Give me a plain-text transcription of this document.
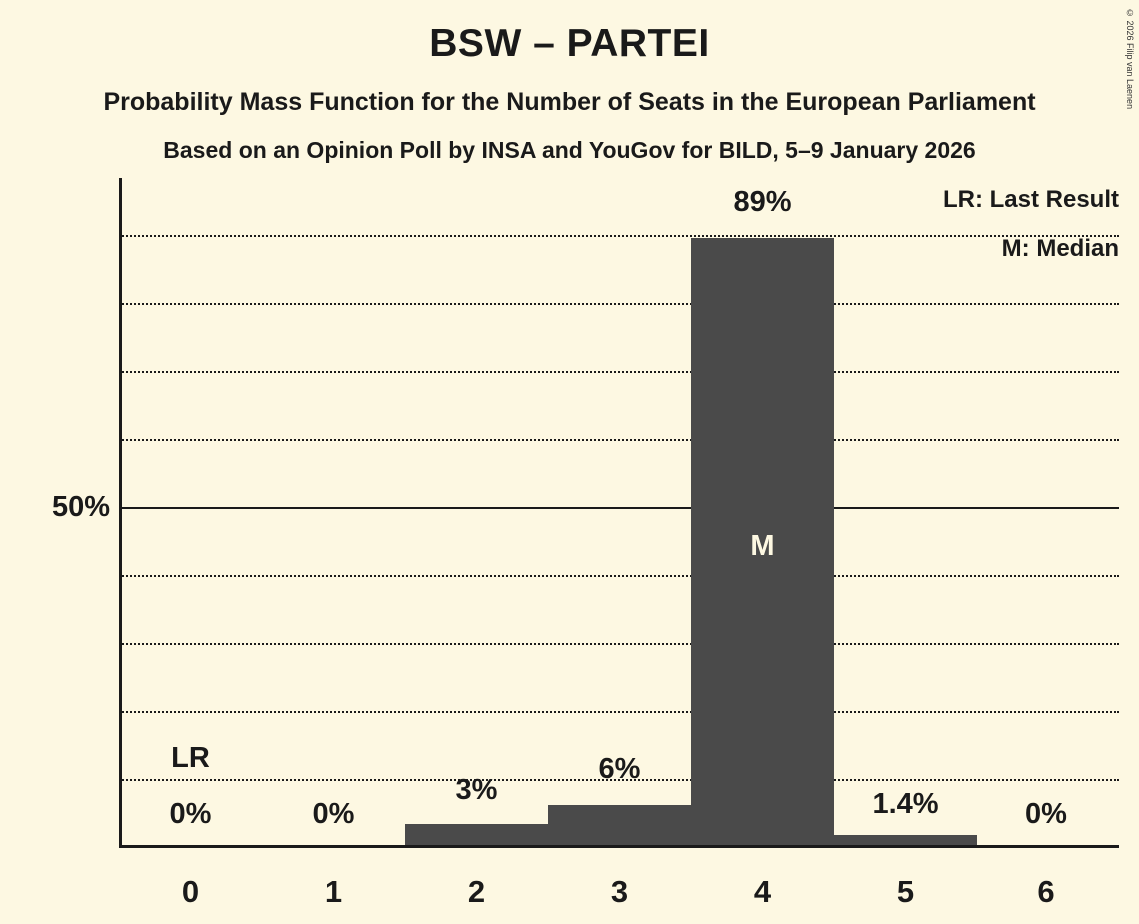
BSW – PARTEI
Probability Mass Function for the Number of Seats in the European Parliament
Based on an Opinion Poll by INSA and YouGov for BILD, 5–9 January 2026
© 2026 Filip van Laenen
LR: Last Result
M: Median
50%
LR
M
0%	0%
3%
6%
89%
1.4%	0%
0	1	2	3	4	5	6
